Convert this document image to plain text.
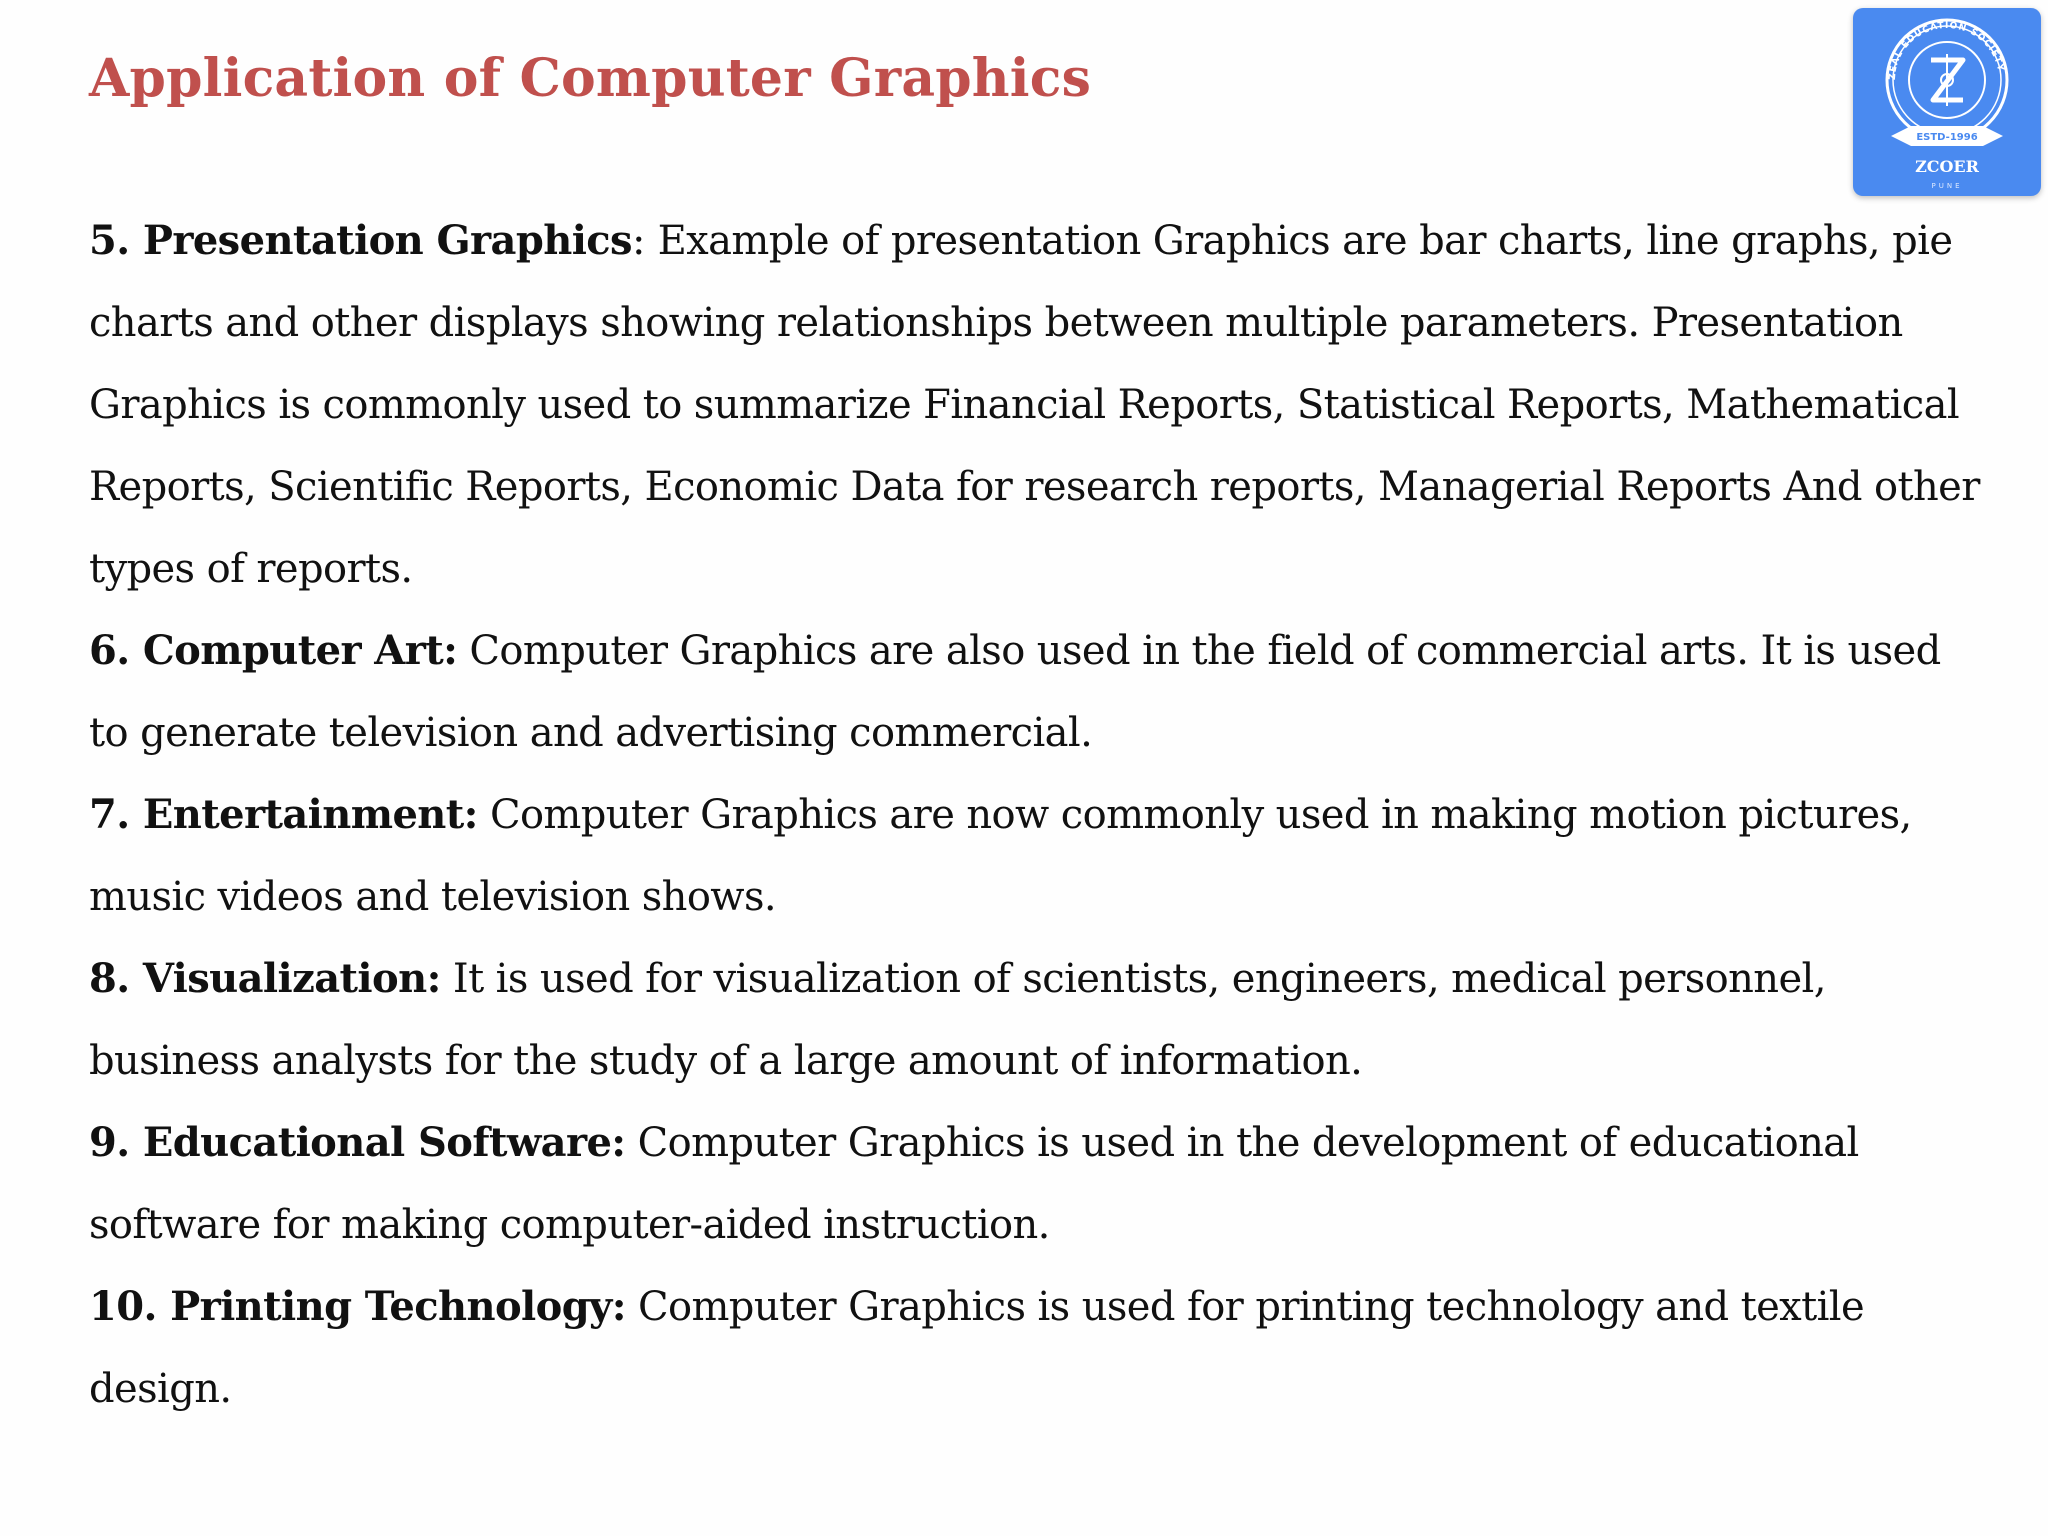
Application of Computer Graphics	ZEAL EDUCATION SOCIETY
ESTD-1996
ZCOER
PUNE

5. Presentation Graphics: Example of presentation Graphics are bar charts, line graphs, pie charts and other displays showing relationships between multiple parameters. Presentation Graphics is commonly used to summarize Financial Reports, Statistical Reports, Mathematical Reports, Scientific Reports, Economic Data for research reports, Managerial Reports And other types of reports.

6. Computer Art: Computer Graphics are also used in the field of commercial arts. It is used to generate television and advertising commercial.

7. Entertainment: Computer Graphics are now commonly used in making motion pictures, music videos and television shows.

8. Visualization: It is used for visualization of scientists, engineers, medical personnel, business analysts for the study of a large amount of information.

9. Educational Software: Computer Graphics is used in the development of educational software for making computer-aided instruction.

10. Printing Technology: Computer Graphics is used for printing technology and textile design.
